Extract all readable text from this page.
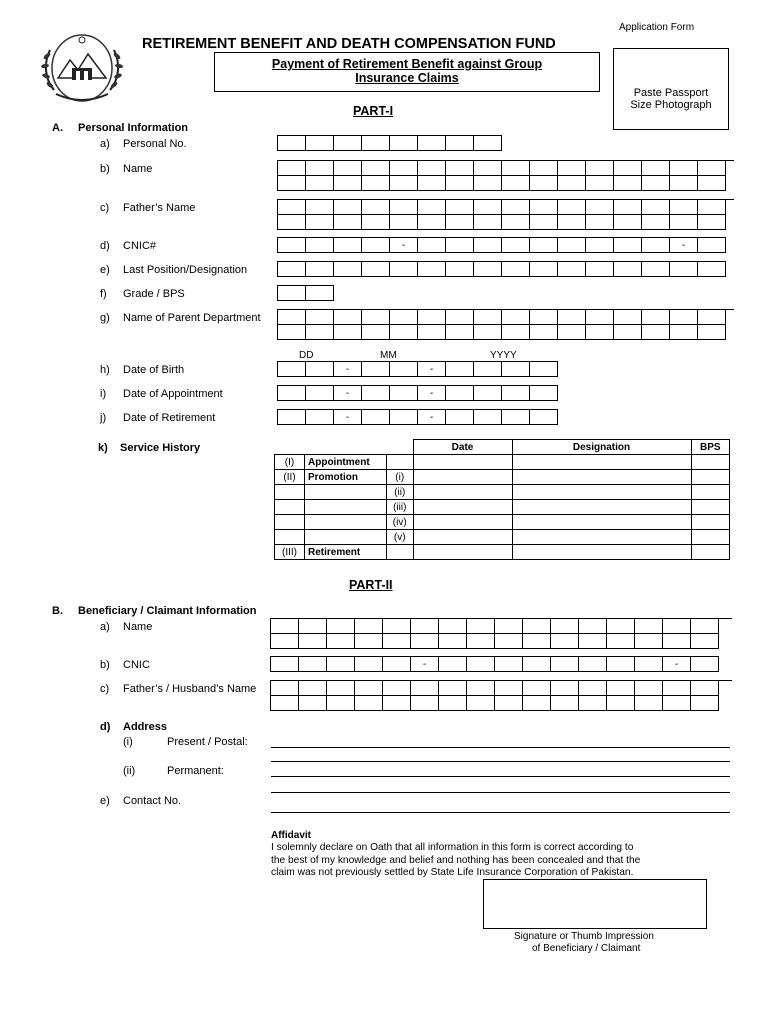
Application Form
RETIREMENT BENEFIT AND DEATH COMPENSATION FUND
Payment of Retirement Benefit against Group
Insurance Claims
Paste Passport
Size Photograph
PART-I
A. Personal Information
a) Personal No.
b) Name
c) Father’s Name
d) CNIC#	-	-
e) Last Position/Designation
f) Grade / BPS
g) Name of Parent Department
DD	MM	YYYY
h) Date of Birth	-	-
i) Date of Appointment	-	-
j) Date of Retirement	-	-
k) Service History
				Date	Designation	BPS
(I)	Appointment				
(II)	Promotion	(i)			
		(ii)			
		(iii)			
		(iv)			
		(v)			
(III)	Retirement				
PART-II
B. Beneficiary / Claimant Information
a) Name
b) CNIC	-	-
c) Father’s / Husband’s Name
d) Address
(i)	Present / Postal:
(ii)	Permanent:
e) Contact No.
Affidavit
I solemnly declare on Oath that all information in this form is correct according to
the best of my knowledge and belief and nothing has been concealed and that the
claim was not previously settled by State Life Insurance Corporation of Pakistan.
Signature or Thumb Impression
of Beneficiary / Claimant
